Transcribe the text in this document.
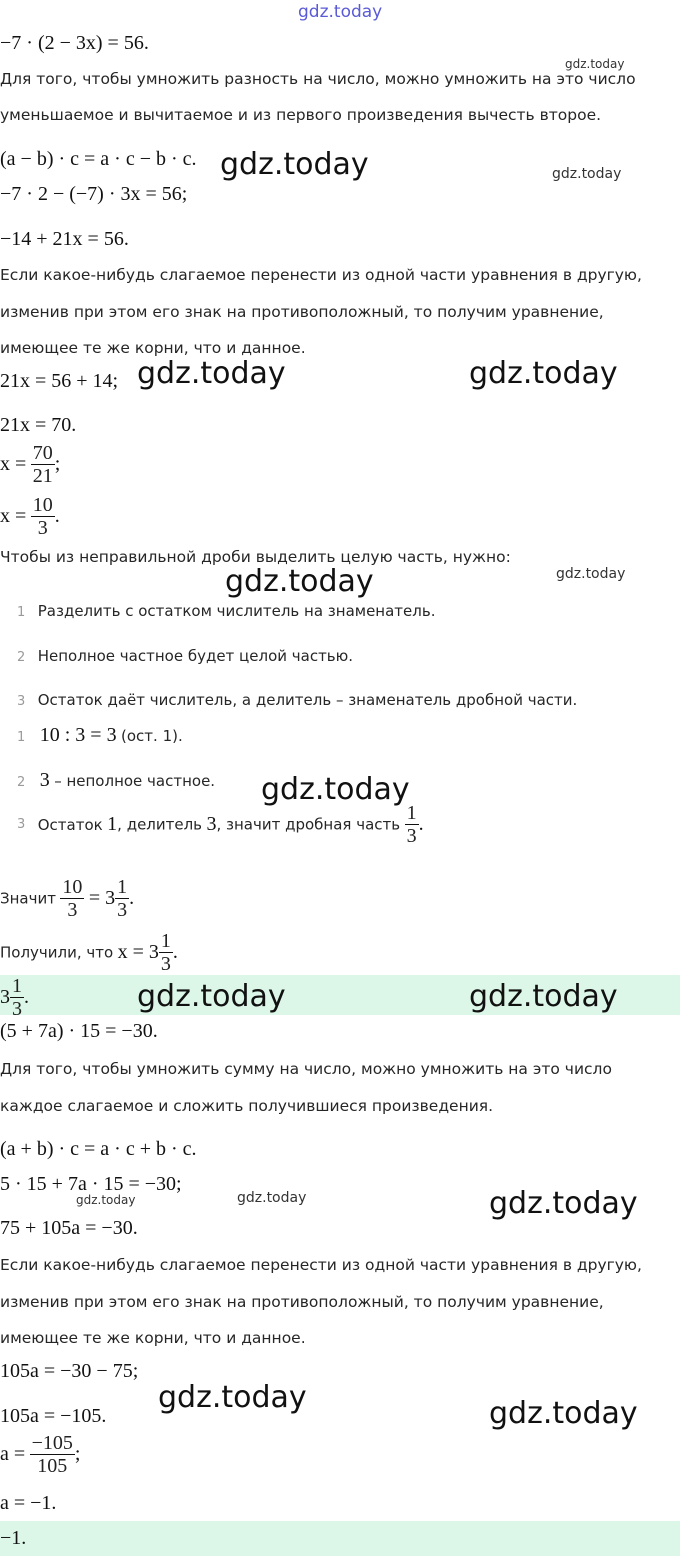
gdz.today
−7 · (2 − 3x) = 56.
gdz.today
Для того, чтобы умножить разность на число, можно умножить на это число
уменьшаемое и вычитаемое и из первого произведения вычесть второе.
(a − b) · c = a · c − b · c. gdz.today	gdz.today
−7 · 2 − (−7) · 3x = 56;
−14 + 21x = 56.
Если какое-нибудь слагаемое перенести из одной части уравнения в другую,
изменив при этом его знак на противоположный, то получим уравнение,
имеющее те же корни, что и данное.
21x = 56 + 14; gdz.today	gdz.today
21x = 70.
$x = \frac{70}{21}$ ;
$x = \frac{10}{3}$ .
Чтобы из неправильной дроби выделить целую часть, нужно:
gdz.today	gdz.today
1 Разделить с остатком числитель на знаменатель.
2 Неполное частное будет целой частью.
3 Остаток даёт числитель, а делитель – знаменатель дробной части.
1 10 : 3 = 3 (ост. 1).
2 3 – неполное частное. gdz.today
3 Остаток 1, делитель 3, значит дробная часть $\frac{1}{3}$ .
Значит $\frac{10}{3} = 3 \frac{1}{3}$ .
Получили, что $x = 3 \frac{1}{3}$ .
$3 \frac{1}{3}$ .	gdz.today	gdz.today
(5 + 7a) · 15 = −30.
Для того, чтобы умножить сумму на число, можно умножить на это число
каждое слагаемое и сложить получившиеся произведения.
(a + b) · c = a · c + b · c.
5 · 15 + 7a · 15 = −30;
gdz.today	gdz.today	gdz.today
75 + 105a = −30.
Если какое-нибудь слагаемое перенести из одной части уравнения в другую,
изменив при этом его знак на противоположный, то получим уравнение,
имеющее те же корни, что и данное.
105a = −30 − 75;
gdz.today
105a = −105.	gdz.today
$a = \frac{-105}{105}$ ;
a = −1.
−1.
